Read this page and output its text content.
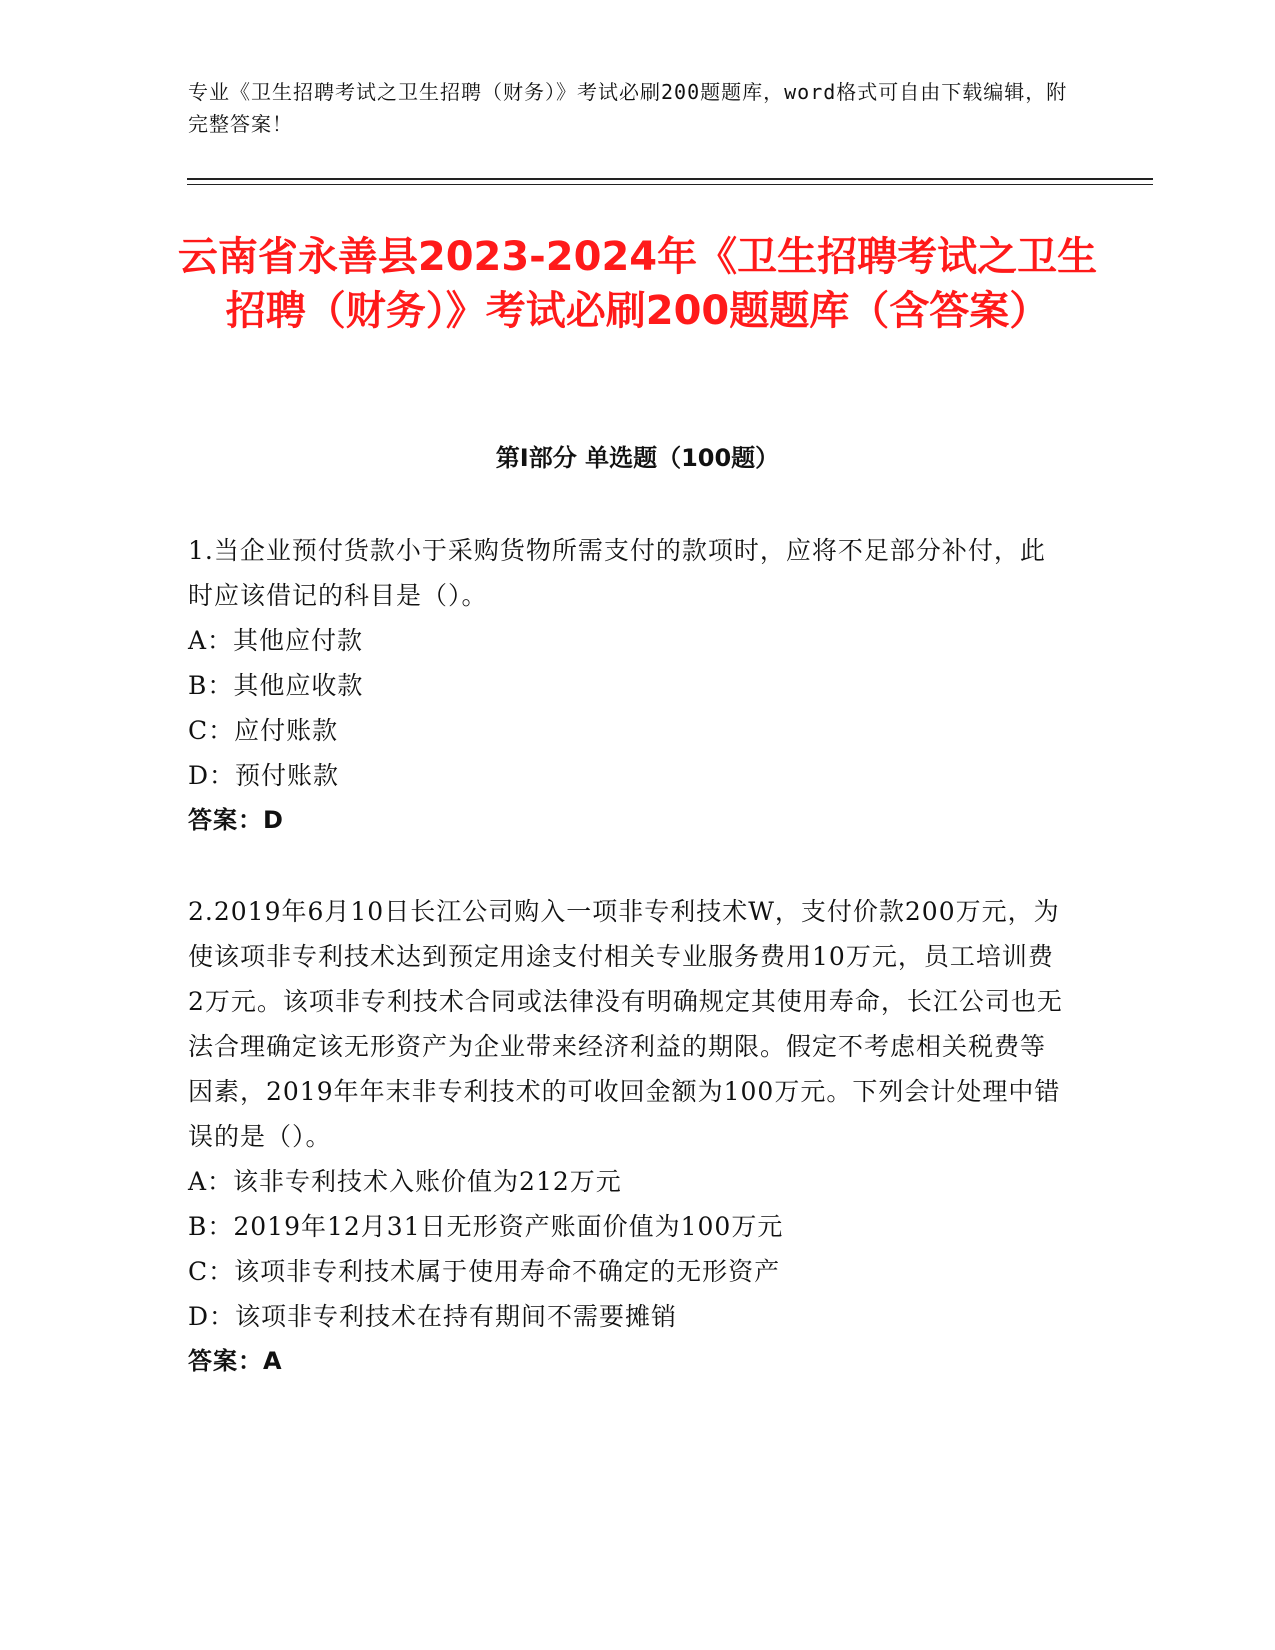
专业《卫生招聘考试之卫生招聘（财务）》考试必刷200题题库，word格式可自由下载编辑，附完整答案！
云南省永善县2023-2024年《卫生招聘考试之卫生招聘（财务）》考试必刷200题题库（含答案）
第Ⅰ部分 单选题（100题）

1.当企业预付货款小于采购货物所需支付的款项时，应将不足部分补付，此时应该借记的科目是（）。

A：其他应付款

B：其他应收款

C：应付账款

D：预付账款

答案：D

2.2019年6月10日长江公司购入一项非专利技术W，支付价款200万元，为使该项非专利技术达到预定用途支付相关专业服务费用10万元，员工培训费2万元。该项非专利技术合同或法律没有明确规定其使用寿命，长江公司也无法合理确定该无形资产为企业带来经济利益的期限。假定不考虑相关税费等因素，2019年年末非专利技术的可收回金额为100万元。下列会计处理中错误的是（）。

A：该非专利技术入账价值为212万元

B：2019年12月31日无形资产账面价值为100万元

C：该项非专利技术属于使用寿命不确定的无形资产

D：该项非专利技术在持有期间不需要摊销

答案：A
